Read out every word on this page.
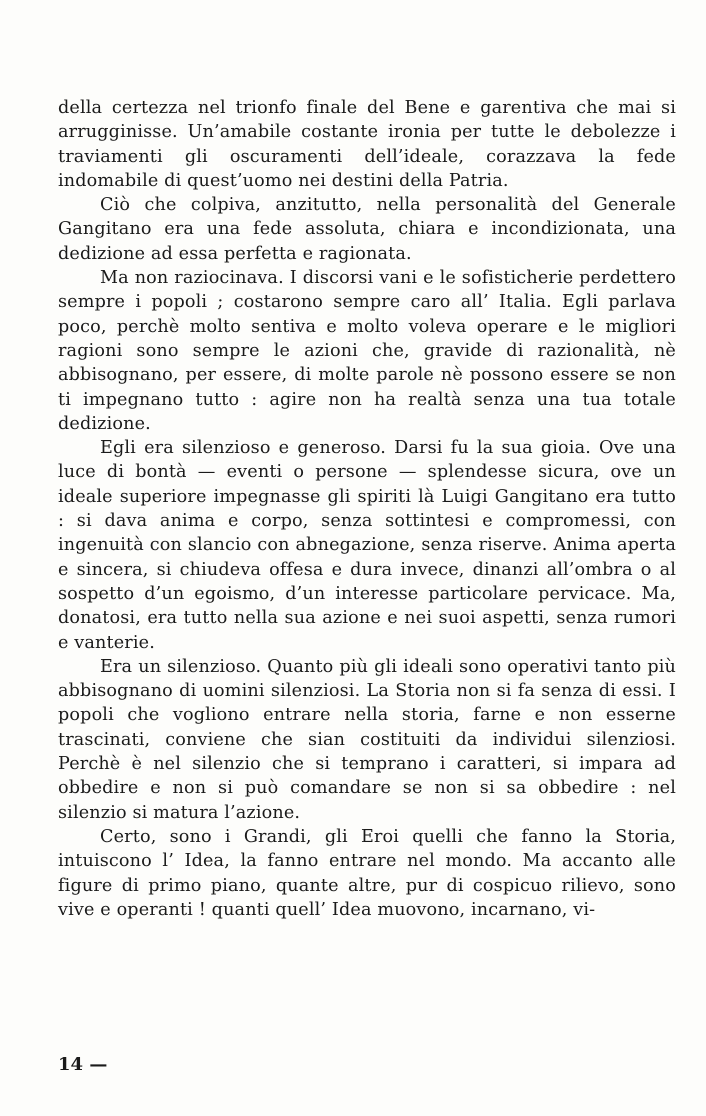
della certezza nel trionfo finale del Bene e garentiva che mai si arrugginisse. Un’amabile costante ironia per tutte le debolezze i traviamenti gli oscuramenti dell’ideale, corazzava la fede indomabile di quest’uomo nei destini della Patria.

Ciò che colpiva, anzitutto, nella personalità del Generale Gangitano era una fede assoluta, chiara e incondizionata, una dedizione ad essa perfetta e ragionata.

Ma non raziocinava. I discorsi vani e le sofisticherie perdettero sempre i popoli ; costarono sempre caro all’ Italia. Egli parlava poco, perchè molto sentiva e molto voleva operare e le migliori ragioni sono sempre le azioni che, gravide di razionalità, nè abbisognano, per essere, di molte parole nè possono essere se non ti impegnano tutto : agire non ha realtà senza una tua totale dedizione.

Egli era silenzioso e generoso. Darsi fu la sua gioia. Ove una luce di bontà — eventi o persone — splendesse sicura, ove un ideale superiore impegnasse gli spiriti là Luigi Gangitano era tutto : si dava anima e corpo, senza sottintesi e compromessi, con ingenuità con slancio con abnegazione, senza riserve. Anima aperta e sincera, si chiudeva offesa e dura invece, dinanzi all’ombra o al sospetto d’un egoismo, d’un interesse particolare pervicace. Ma, donatosi, era tutto nella sua azione e nei suoi aspetti, senza rumori e vanterie.

Era un silenzioso. Quanto più gli ideali sono operativi tanto più abbisognano di uomini silenziosi. La Storia non si fa senza di essi. I popoli che vogliono entrare nella storia, farne e non esserne trascinati, conviene che sian costituiti da individui silenziosi. Perchè è nel silenzio che si temprano i caratteri, si impara ad obbedire e non si può comandare se non si sa obbedire : nel silenzio si matura l’azione.

Certo, sono i Grandi, gli Eroi quelli che fanno la Storia, intuiscono l’ Idea, la fanno entrare nel mondo. Ma accanto alle figure di primo piano, quante altre, pur di cospicuo rilievo, sono vive e operanti ! quanti quell’ Idea muovono, incarnano, vi-

14 —
